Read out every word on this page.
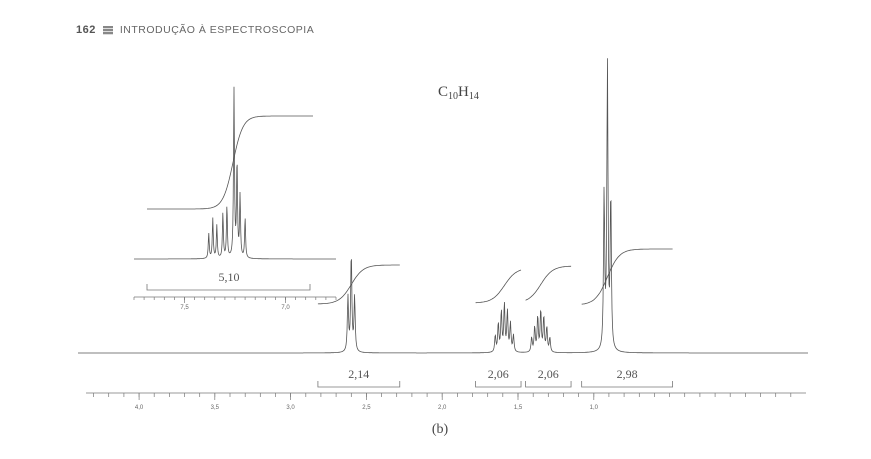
162 INTRODUÇÃO À ESPECTROSCOPIA
$C_{10}H_{14}$
2,14	2,06 2,06	2,98
4,0	3,5	3,0	2,5	2,0	1,5	1,0
5,10
7,5	7,0
(b)
